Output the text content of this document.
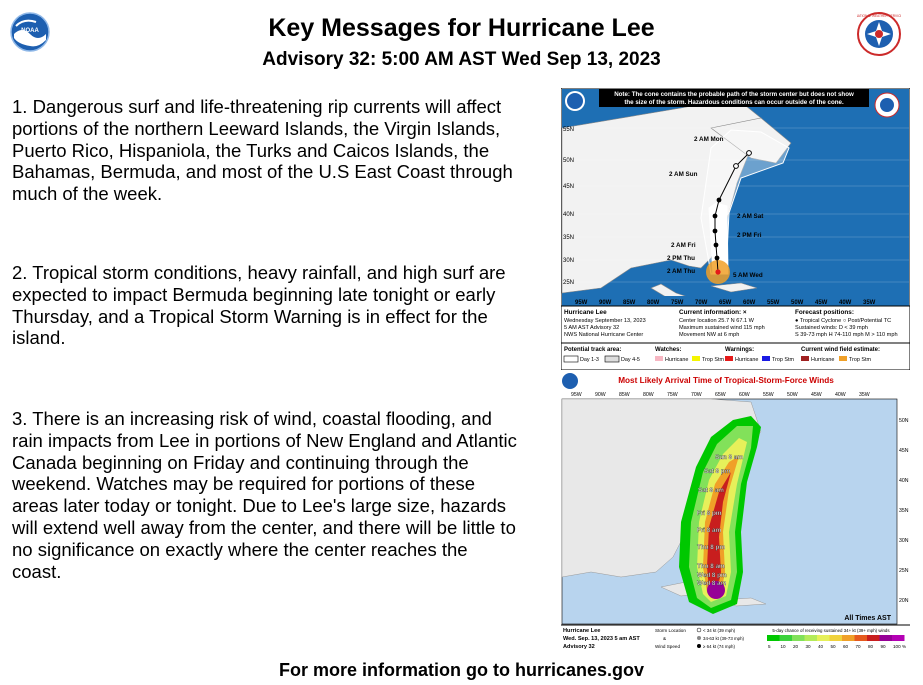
NOAA	Key Messages for Hurricane Lee
Advisory 32: 5:00 AM AST Wed Sep 13, 2023
NATIONAL WEATHER SERVICE

1. Dangerous surf and life-threatening rip currents will affect portions of the northern Leeward Islands, the Virgin Islands, Puerto Rico, Hispaniola, the Turks and Caicos Islands, the Bahamas, Bermuda, and most of the U.S East Coast through much of the week.

2. Tropical storm conditions, heavy rainfall, and high surf are expected to impact Bermuda beginning late tonight or early Thursday, and a Tropical Storm Warning is in effect for the island.

3. There is an increasing risk of wind, coastal flooding, and rain impacts from Lee in portions of New England and Atlantic Canada beginning on Friday and continuing through the weekend. Watches may be required for portions of these areas later today or tonight. Due to Lee's large size, hazards will extend well away from the center, and there will be little to no significance on exactly where the center reaches the coast.

Note: The cone contains the probable path of the storm center but does not show
the size of the storm. Hazardous conditions can occur outside of the cone.
2 AM Mon
2 AM Sun
2 AM Sat
2 PM Fri
2 AM Fri
2 PM Thu
2 AM Thu
5 AM Wed
55N
50N
45N
40N
35N
30N
25N
95W 90W 85W 80W 75W 70W 65W 60W 55W 50W 45W 40W 35W
Hurricane Lee
Wednesday September 13, 2023
5 AM AST Advisory 32
NWS National Hurricane Center
Current information: ×
Center location 25.7 N 67.1 W
Maximum sustained wind 115 mph
Movement NW at 6 mph
Forecast positions:
● Tropical Cyclone ○ Post/Potential TC
Sustained winds: D < 39 mph
S 39-73 mph H 74-110 mph M > 110 mph
Potential track area:
Day 1-3	Day 4-5
Watches:
Hurricane	Trop Stm
Warnings:
Hurricane	Trop Stm
Current wind field estimate:
Hurricane	Trop Stm
Most Likely Arrival Time of Tropical-Storm-Force Winds
95W	90W	85W	80W	75W	70W	65W	60W	55W	50W	45W	40W	35W
Sun 8 am
Sat 8 pm
Sat 8 am
Fri 8 pm
Fri 8 am
Thu 8 pm
Thu 8 am
Wed 8 pm
Wed 8 am
50N
45N
40N
35N
30N
25N
20N
All Times AST
Hurricane Lee
Wed. Sep. 13, 2023 5 am AST
Advisory 32
Storm Location
&
Wind Speed
< 34 kt (39 mph)
34-63 kt (39-73 mph)
≥ 64 kt (74 mph)
5-day chance of receiving sustained 34+ kt (39+ mph) winds
5 10 20 30 40 50 60 70 80 90 100 %
For more information go to hurricanes.gov
